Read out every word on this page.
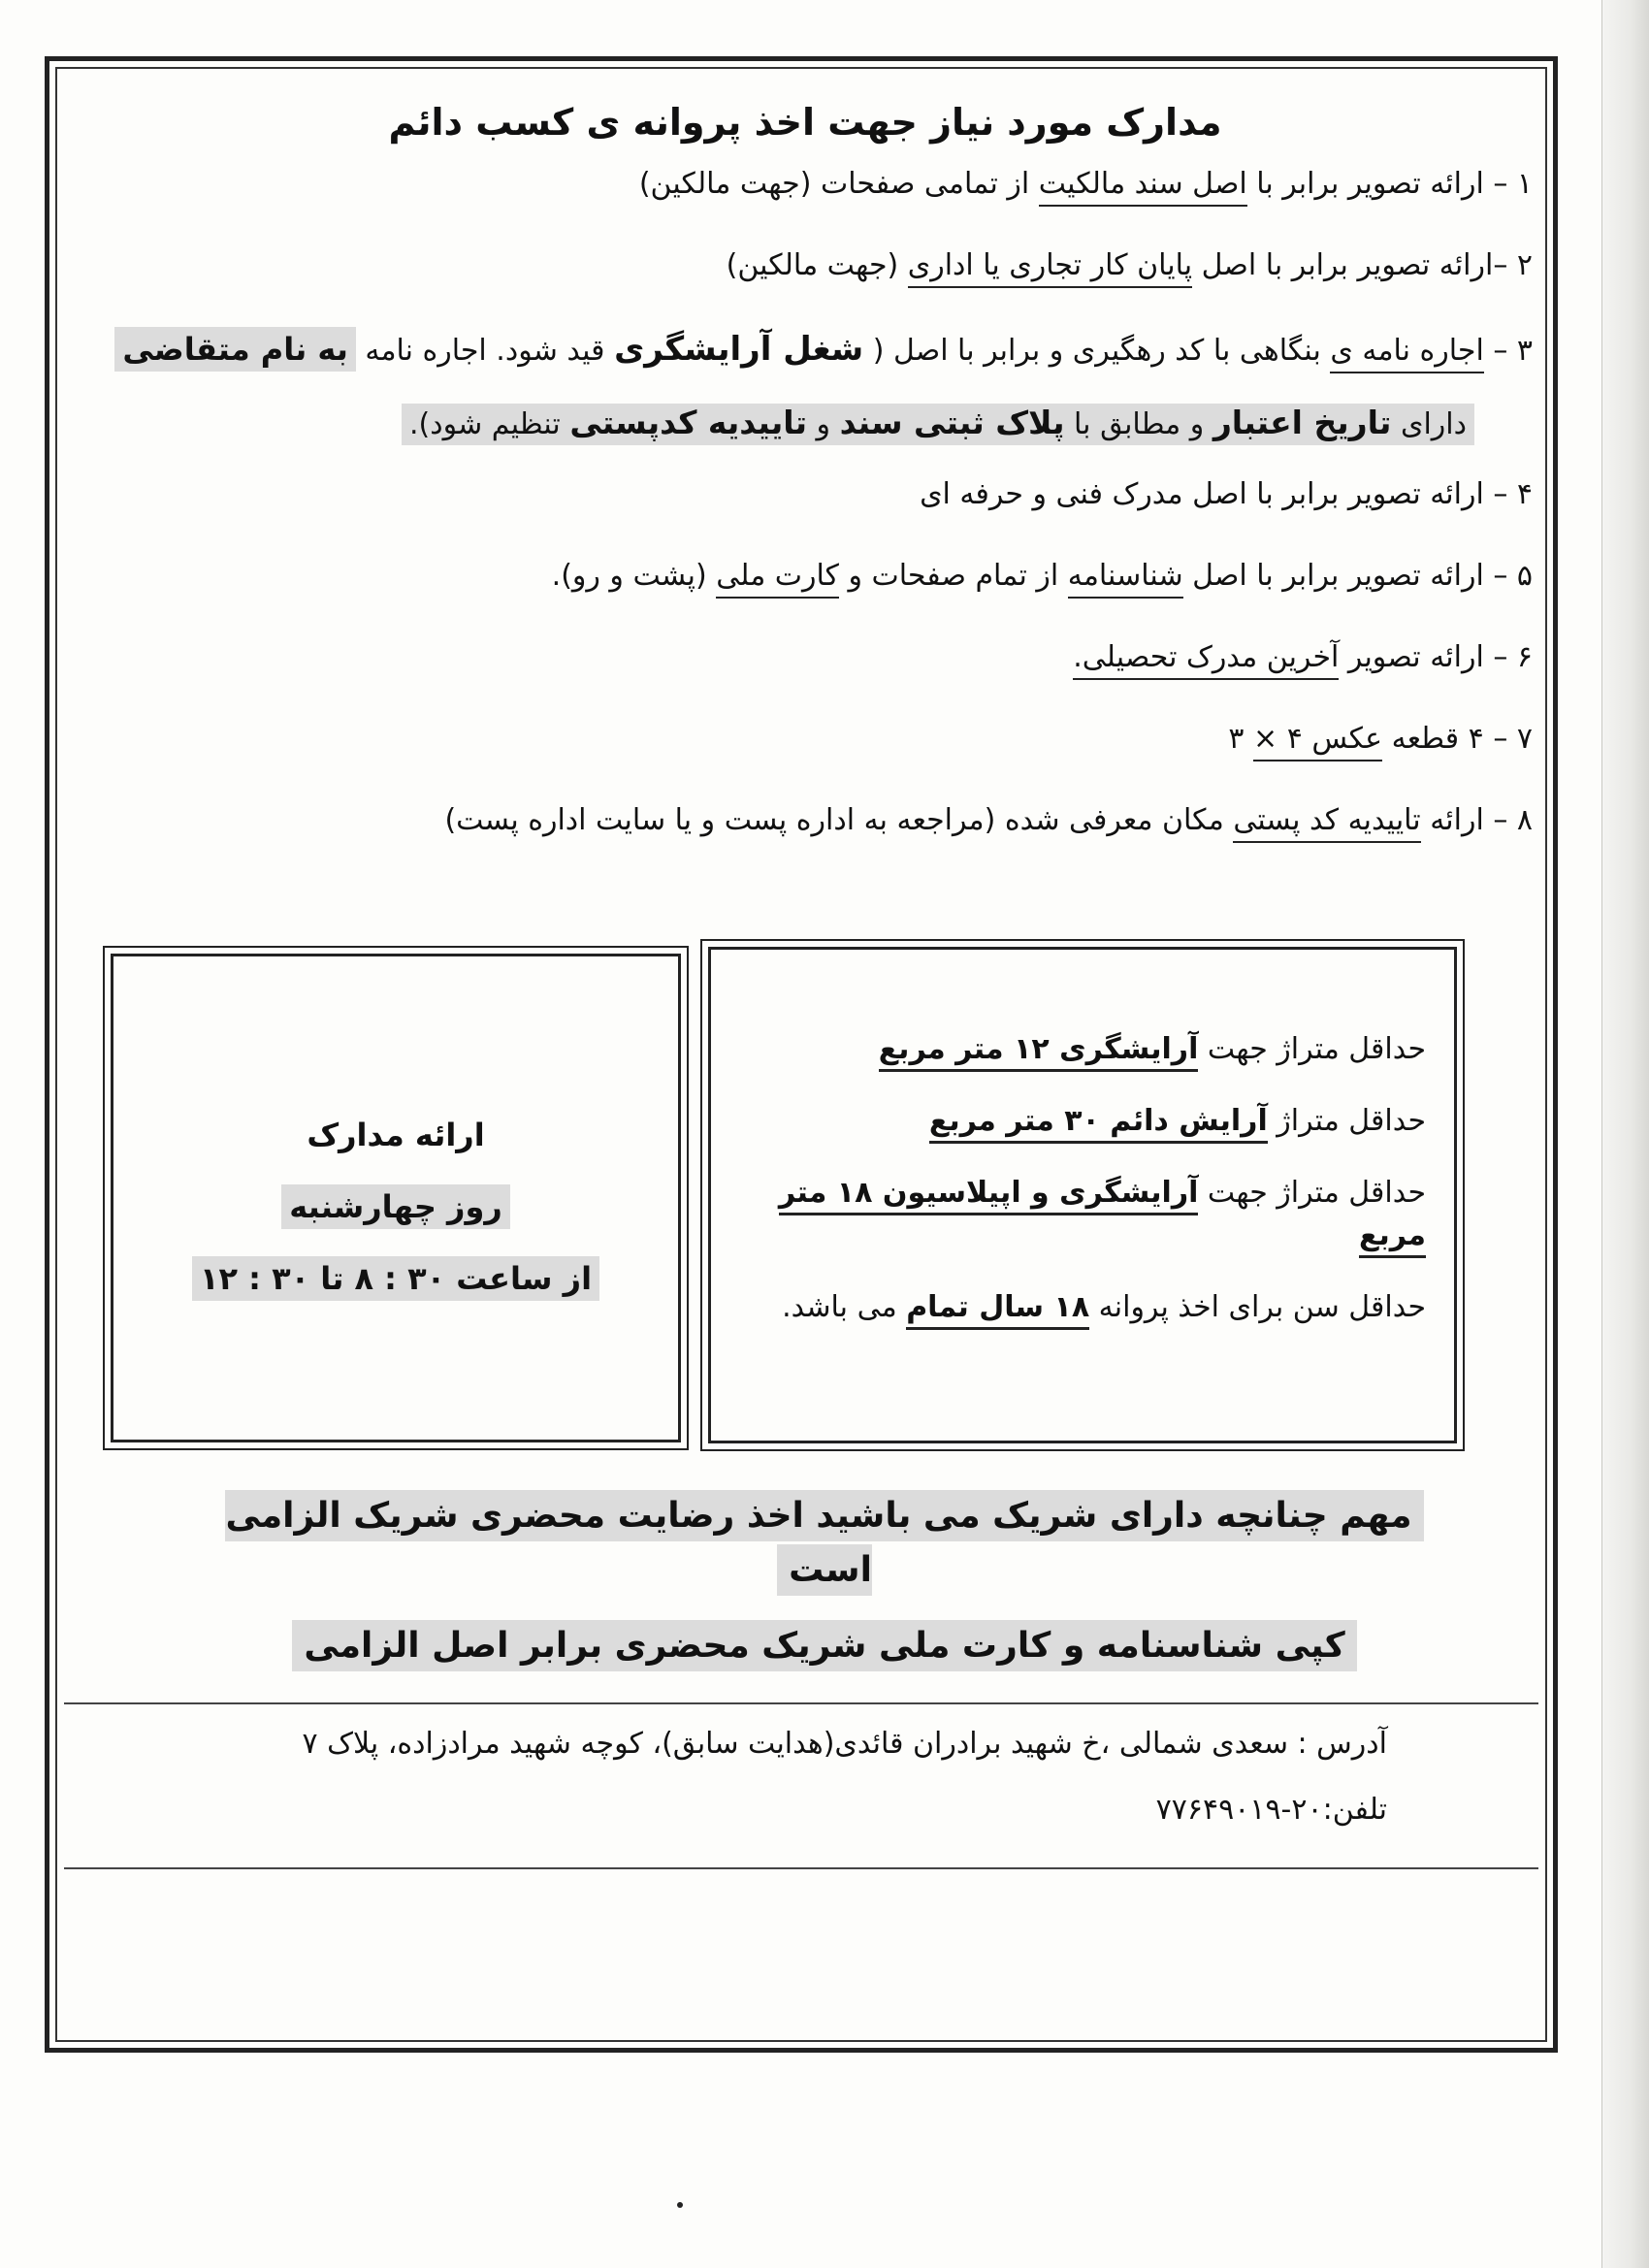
مدارک مورد نیاز جهت اخذ پروانه ی کسب دائم
۱ – ارائه تصویر برابر با اصل سند مالکیت از تمامی صفحات (جهت مالکین)
۲ –ارائه تصویر برابر با اصل پایان کار تجاری یا اداری (جهت مالکین)
۳ – اجاره نامه ی بنگاهی با کد رهگیری و برابر با اصل ( شغل آرایشگری قید شود. اجاره نامه به نام متقاضی
دارای تاریخ اعتبار و مطابق با پلاک ثبتی سند و تاییدیه کدپستی تنظیم شود).
۴ – ارائه تصویر برابر با اصل مدرک فنی و حرفه ای
۵ – ارائه تصویر برابر با اصل شناسنامه از تمام صفحات و کارت ملی (پشت و رو).
۶ – ارائه تصویر آخرین مدرک تحصیلی.
۷ – ۴ قطعه عکس ۴ × ۳
۸ – ارائه تاییدیه کد پستی مکان معرفی شده (مراجعه به اداره پست و یا سایت اداره پست)

حداقل متراژ جهت آرایشگری ۱۲ متر مربع

حداقل متراژ آرایش دائم ۳۰ متر مربع

حداقل متراژ جهت آرایشگری و اپیلاسیون ۱۸ متر مربع

حداقل سن برای اخذ پروانه ۱۸ سال تمام می باشد.

ارائه مدارک

روز چهارشنبه

از ساعت ۳۰ : ۸ تا ۳۰ : ۱۲

مهم چنانچه دارای شریک می باشید اخذ رضایت محضری شریک الزامی است

کپی شناسنامه و کارت ملی شریک محضری برابر اصل الزامی

آدرس : سعدی شمالی ،خ شهید برادران قائدی(هدایت سابق)، کوچه شهید مرادزاده، پلاک ۷

تلفن:۲۰-۷۷۶۴۹۰۱۹
